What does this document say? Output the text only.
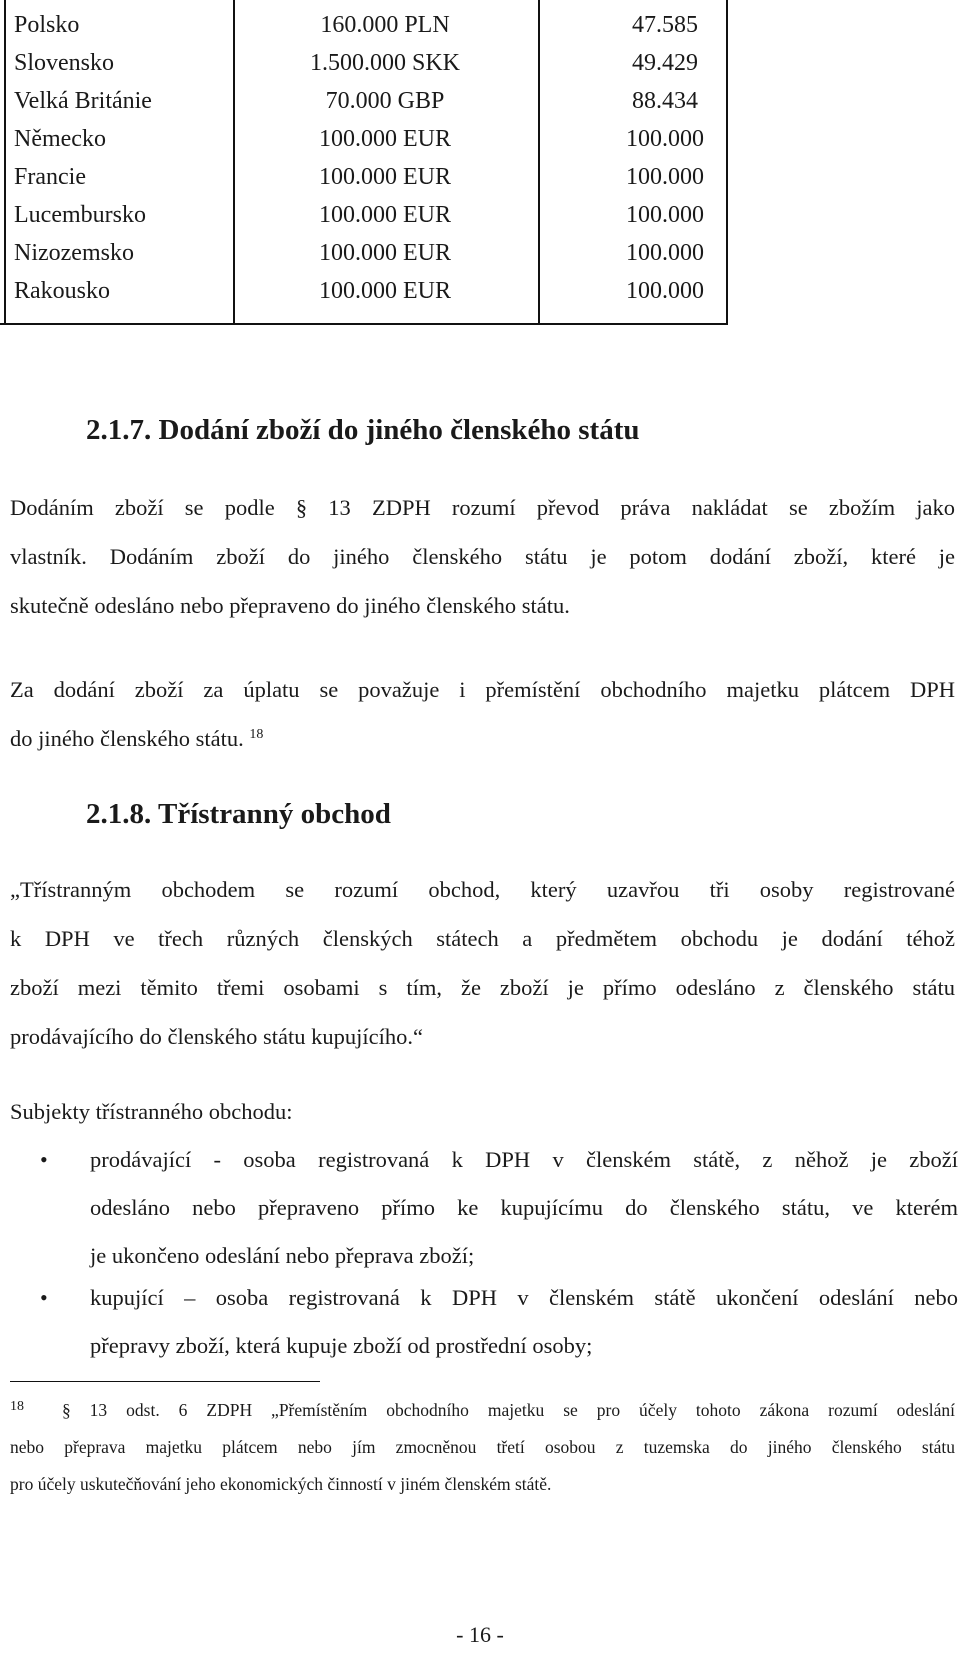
Polsko	160.000 PLN	47.585
Slovensko	1.500.000 SKK	49.429
Velká Británie	70.000 GBP	88.434
Německo	100.000 EUR	100.000
Francie	100.000 EUR	100.000
Lucembursko	100.000 EUR	100.000
Nizozemsko	100.000 EUR	100.000
Rakousko	100.000 EUR	100.000
2.1.7. Dodání zboží do jiného členského státu
Dodáním zboží se podle § 13 ZDPH rozumí převod práva nakládat se zbožím jako
vlastník. Dodáním zboží do jiného členského státu je potom dodání zboží, které je
skutečně odesláno nebo přepraveno do jiného členského státu.
Za dodání zboží za úplatu se považuje i přemístění obchodního majetku plátcem DPH
do jiného členského státu. $^{18}$
2.1.8. Třístranný obchod
„Třístranným obchodem se rozumí obchod, který uzavřou tři osoby registrované
k DPH ve třech různých členských státech a předmětem obchodu je dodání téhož
zboží mezi těmito třemi osobami s tím, že zboží je přímo odesláno z členského státu
prodávajícího do členského státu kupujícího.“
Subjekty třístranného obchodu:
• prodávající - osoba registrovaná k DPH v členském státě, z něhož je zboží
odesláno nebo přepraveno přímo ke kupujícímu do členského státu, ve kterém
je ukončeno odeslání nebo přeprava zboží;
• kupující – osoba registrovaná k DPH v členském státě ukončení odeslání nebo
přepravy zboží, která kupuje zboží od prostřední osoby;
$^{18}$ § 13 odst. 6 ZDPH „Přemístěním obchodního majetku se pro účely tohoto zákona rozumí odeslání
nebo přeprava majetku plátcem nebo jím zmocněnou třetí osobou z tuzemska do jiného členského státu
pro účely uskutečňování jeho ekonomických činností v jiném členském státě.
- 16 -
